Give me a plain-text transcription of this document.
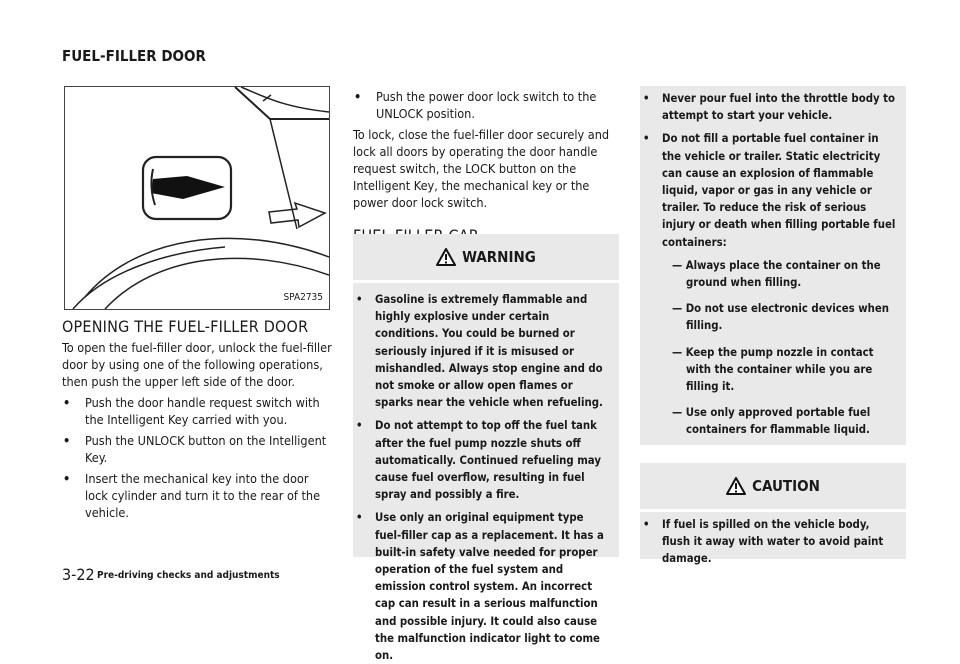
FUEL-FILLER DOOR
SPA2735
OPENING THE FUEL-FILLER DOOR

To open the fuel-filler door, unlock the fuel-filler door by using one of the following operations, then push the upper left side of the door.

• Push the door handle request switch with the Intelligent Key carried with you.
• Push the UNLOCK button on the Intelligent Key.
• Insert the mechanical key into the door lock cylinder and turn it to the rear of the vehicle.
• Push the power door lock switch to the UNLOCK position.

To lock, close the fuel-filler door securely and lock all doors by operating the door handle request switch, the LOCK button on the Intelligent Key, the mechanical key or the power door lock switch.

WARNING
• Gasoline is extremely flammable and highly explosive under certain conditions. You could be burned or seriously injured if it is misused or mishandled. Always stop engine and do not smoke or allow open flames or sparks near the vehicle when refueling.
• Do not attempt to top off the fuel tank after the fuel pump nozzle shuts off automatically. Continued refueling may cause fuel overflow, resulting in fuel spray and possibly a fire.
• Use only an original equipment type fuel-filler cap as a replacement. It has a built-in safety valve needed for proper operation of the fuel system and emission control system. An incorrect cap can result in a serious malfunction and possible injury. It could also cause the malfunction indicator light to come on.
• Never pour fuel into the throttle body to attempt to start your vehicle.
• Do not fill a portable fuel container in the vehicle or trailer. Static electricity can cause an explosion of flammable liquid, vapor or gas in any vehicle or trailer. To reduce the risk of serious injury or death when filling portable fuel containers:
— Always place the container on the ground when filling.
— Do not use electronic devices when filling.
— Keep the pump nozzle in contact with the container while you are filling it.
— Use only approved portable fuel containers for flammable liquid.
CAUTION
• If fuel is spilled on the vehicle body, flush it away with water to avoid paint damage.
3-22 Pre-driving checks and adjustments
